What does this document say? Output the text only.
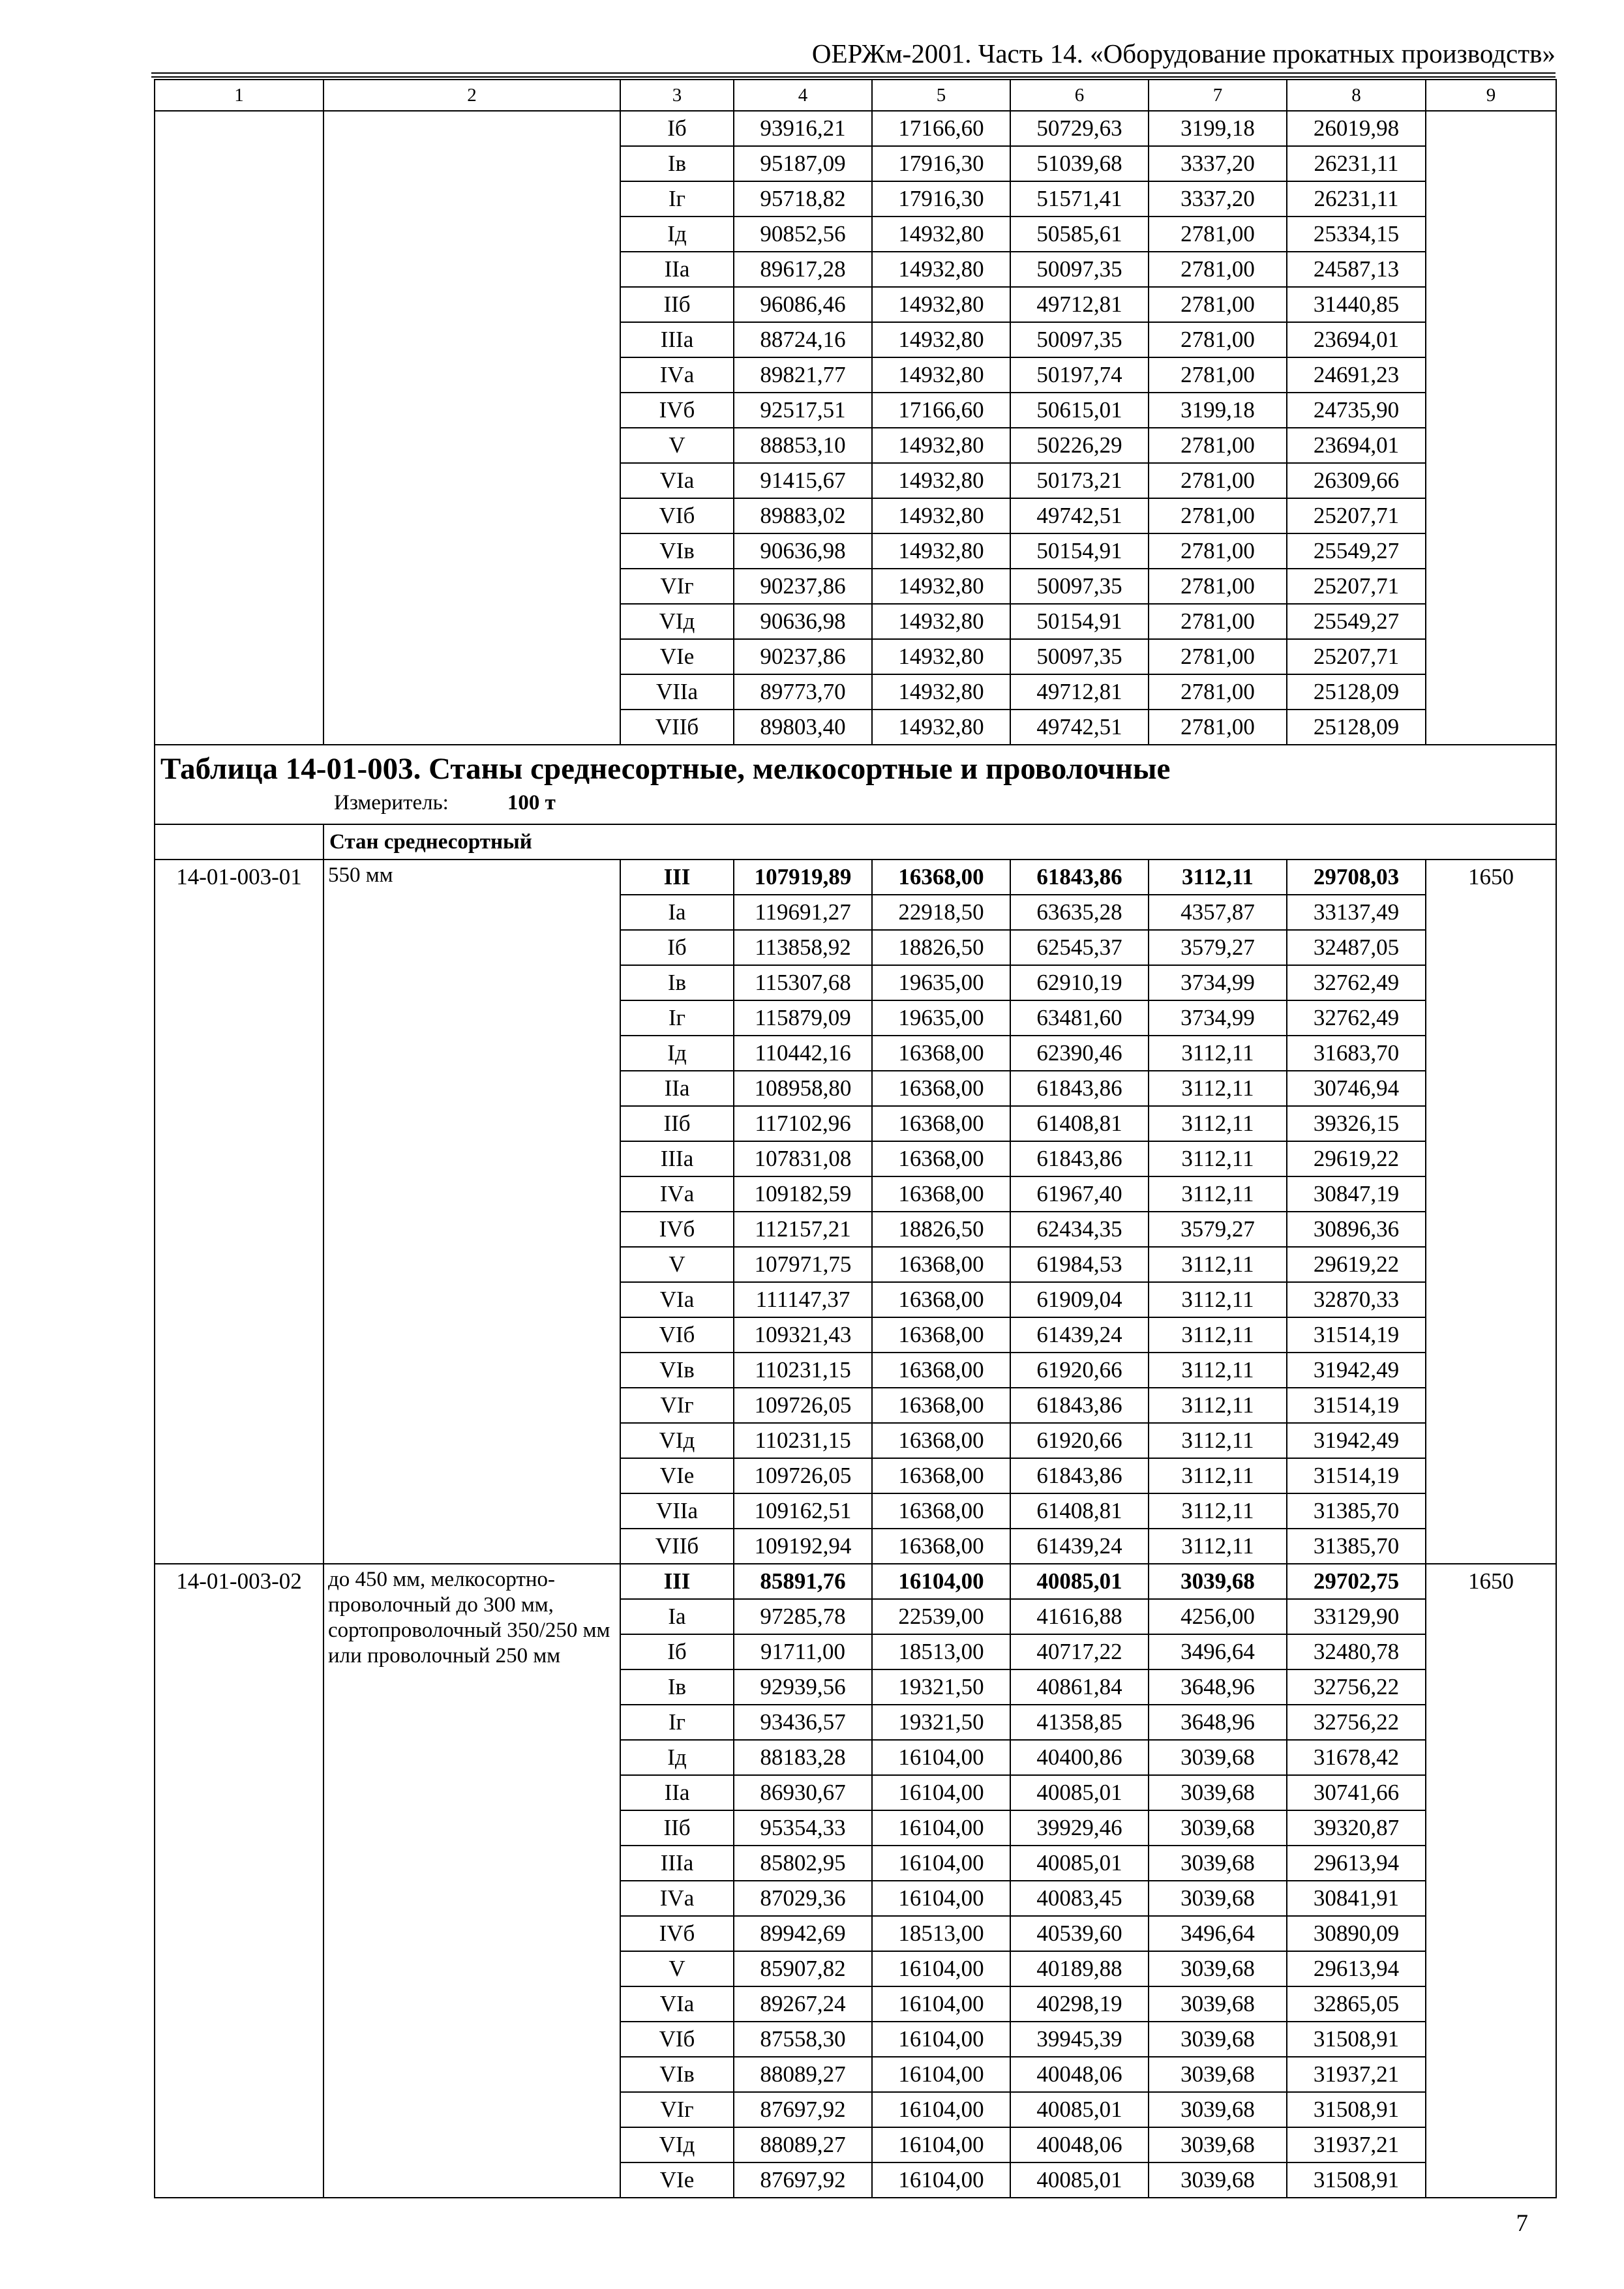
ОЕРЖм-2001. Часть 14. «Оборудование прокатных производств»
1	2	3	4	5	6	7	8	9
		Iб	93916,21	17166,60	50729,63	3199,18	26019,98	
		Iв	95187,09	17916,30	51039,68	3337,20	26231,11	
		Iг	95718,82	17916,30	51571,41	3337,20	26231,11	
		Iд	90852,56	14932,80	50585,61	2781,00	25334,15	
		IIа	89617,28	14932,80	50097,35	2781,00	24587,13	
		IIб	96086,46	14932,80	49712,81	2781,00	31440,85	
		IIIа	88724,16	14932,80	50097,35	2781,00	23694,01	
		IVа	89821,77	14932,80	50197,74	2781,00	24691,23	
		IVб	92517,51	17166,60	50615,01	3199,18	24735,90	
		V	88853,10	14932,80	50226,29	2781,00	23694,01	
		VIа	91415,67	14932,80	50173,21	2781,00	26309,66	
		VIб	89883,02	14932,80	49742,51	2781,00	25207,71	
		VIв	90636,98	14932,80	50154,91	2781,00	25549,27	
		VIг	90237,86	14932,80	50097,35	2781,00	25207,71	
		VIд	90636,98	14932,80	50154,91	2781,00	25549,27	
		VIе	90237,86	14932,80	50097,35	2781,00	25207,71	
		VIIа	89773,70	14932,80	49712,81	2781,00	25128,09	
		VIIб	89803,40	14932,80	49742,51	2781,00	25128,09	

Таблица 14-01-003. Станы среднесортные, мелкосортные и проволочные
Измеритель: 100 т								

	Стан среднесортный							
14-01-003-01	550 мм	III	107919,89	16368,00	61843,86	3112,11	29708,03	1650
		Iа	119691,27	22918,50	63635,28	4357,87	33137,49	
		Iб	113858,92	18826,50	62545,37	3579,27	32487,05	
		Iв	115307,68	19635,00	62910,19	3734,99	32762,49	
		Iг	115879,09	19635,00	63481,60	3734,99	32762,49	
		Iд	110442,16	16368,00	62390,46	3112,11	31683,70	
		IIа	108958,80	16368,00	61843,86	3112,11	30746,94	
		IIб	117102,96	16368,00	61408,81	3112,11	39326,15	
		IIIа	107831,08	16368,00	61843,86	3112,11	29619,22	
		IVа	109182,59	16368,00	61967,40	3112,11	30847,19	
		IVб	112157,21	18826,50	62434,35	3579,27	30896,36	
		V	107971,75	16368,00	61984,53	3112,11	29619,22	
		VIа	111147,37	16368,00	61909,04	3112,11	32870,33	
		VIб	109321,43	16368,00	61439,24	3112,11	31514,19	
		VIв	110231,15	16368,00	61920,66	3112,11	31942,49	
		VIг	109726,05	16368,00	61843,86	3112,11	31514,19	
		VIд	110231,15	16368,00	61920,66	3112,11	31942,49	
		VIе	109726,05	16368,00	61843,86	3112,11	31514,19	
		VIIа	109162,51	16368,00	61408,81	3112,11	31385,70	
		VIIб	109192,94	16368,00	61439,24	3112,11	31385,70	
14-01-003-02	до 450 мм, мелкосортно-проволочный до 300 мм, сортопроволочный 350/250 мм или проволочный 250 мм	III	85891,76	16104,00	40085,01	3039,68	29702,75	1650
		Iа	97285,78	22539,00	41616,88	4256,00	33129,90	
		Iб	91711,00	18513,00	40717,22	3496,64	32480,78	
		Iв	92939,56	19321,50	40861,84	3648,96	32756,22	
		Iг	93436,57	19321,50	41358,85	3648,96	32756,22	
		Iд	88183,28	16104,00	40400,86	3039,68	31678,42	
		IIа	86930,67	16104,00	40085,01	3039,68	30741,66	
		IIб	95354,33	16104,00	39929,46	3039,68	39320,87	
		IIIа	85802,95	16104,00	40085,01	3039,68	29613,94	
		IVа	87029,36	16104,00	40083,45	3039,68	30841,91	
		IVб	89942,69	18513,00	40539,60	3496,64	30890,09	
		V	85907,82	16104,00	40189,88	3039,68	29613,94	
		VIа	89267,24	16104,00	40298,19	3039,68	32865,05	
		VIб	87558,30	16104,00	39945,39	3039,68	31508,91	
		VIв	88089,27	16104,00	40048,06	3039,68	31937,21	
		VIг	87697,92	16104,00	40085,01	3039,68	31508,91	
		VIд	88089,27	16104,00	40048,06	3039,68	31937,21	
		VIе	87697,92	16104,00	40085,01	3039,68	31508,91	
7
